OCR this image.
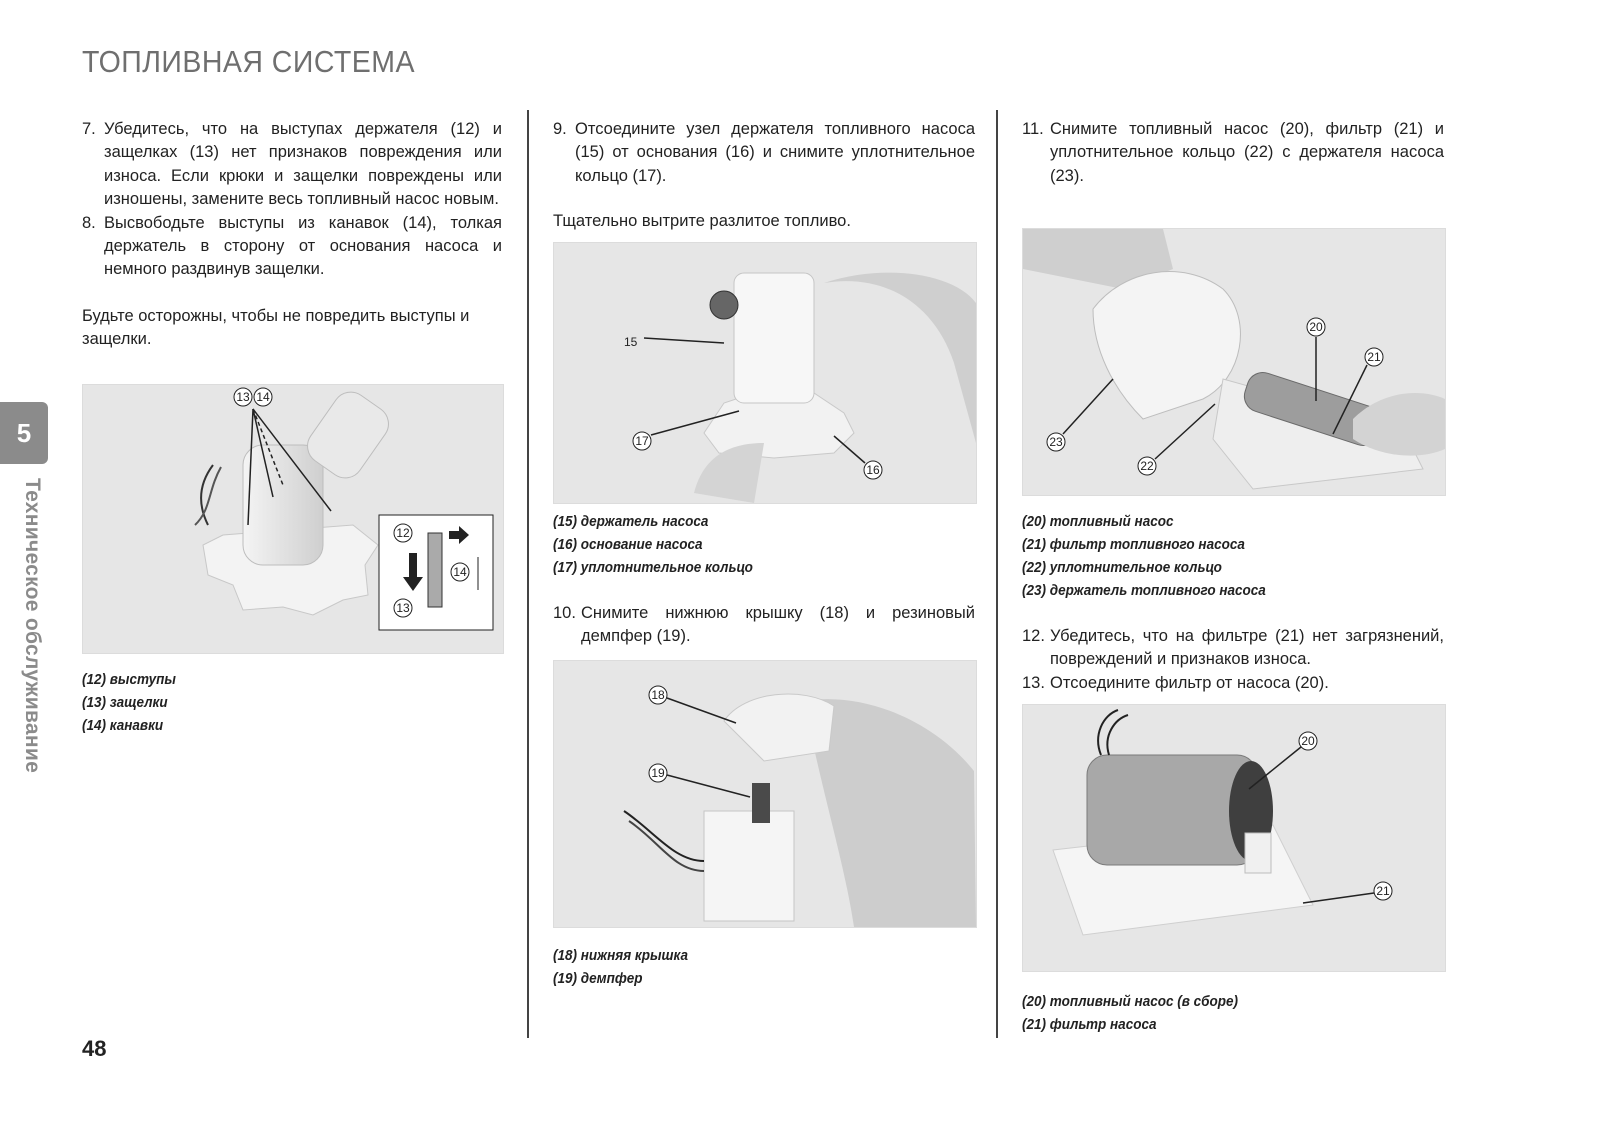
ТОПЛИВНАЯ СИСТЕМА
5
Техническое обслуживание
7. Убедитесь, что на выступах держателя (12) и защелках (13) нет признаков повреждения или износа. Если крюки и защелки повреждены или изношены, замените весь топливный насос новым.
8. Высвободьте выступы из канавок (14), толкая держатель в сторону от основания насоса и немного раздвинув защелки.

Будьте осторожны, чтобы не повредить выступы и защелки.

13 14
12
14
13
(12) выступы
(13) защелки
(14) канавки
9. Отсоедините узел держателя топливного насоса (15) от основания (16) и снимите уплотнительное кольцо (17).

Тщательно вытрите разлитое топливо.

15
17
16
(15) держатель насоса
(16) основание насоса
(17) уплотнительное кольцо
10. Снимите нижнюю крышку (18) и резиновый демпфер (19).
18
19
(18) нижняя крышка
(19) демпфер
11. Снимите топливный насос (20), фильтр (21) и уплотнительное кольцо (22) с держателя насоса (23).
20
21
23
22
(20) топливный насос
(21) фильтр топливного насоса
(22) уплотнительное кольцо
(23) держатель топливного насоса
12. Убедитесь, что на фильтре (21) нет загрязнений, повреждений и признаков износа.
13. Отсоедините фильтр от насоса (20).
20
21
(20) топливный насос (в сборе)
(21) фильтр насоса
48
